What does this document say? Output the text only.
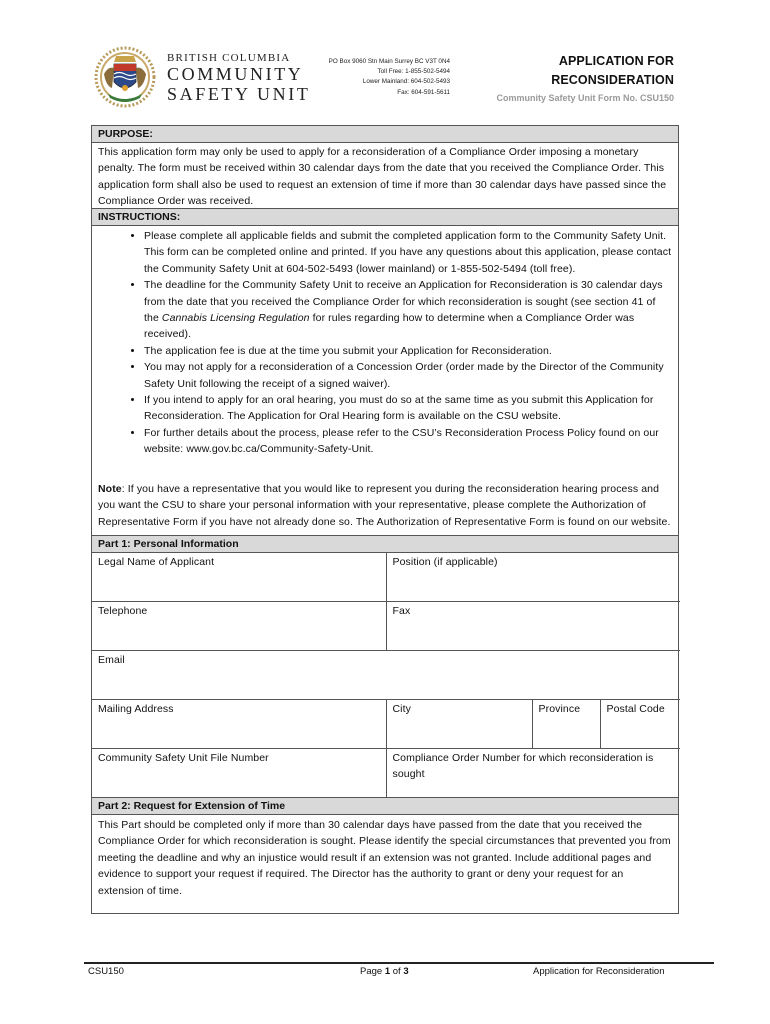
BRITISH COLUMBIA
COMMUNITY
SAFETY UNIT
PO Box 9060 Stn Main Surrey BC V3T 0N4
Toll Free: 1-855-502-5494
Lower Mainland: 604-502-5493
Fax: 604-591-5611
APPLICATION FOR
RECONSIDERATION
Community Safety Unit Form No. CSU150
PURPOSE:
This application form may only be used to apply for a reconsideration of a Compliance Order imposing a monetary penalty. The form must be received within 30 calendar days from the date that you received the Compliance Order. This application form shall also be used to request an extension of time if more than 30 calendar days have passed since the Compliance Order was received.
INSTRUCTIONS:
• Please complete all applicable fields and submit the completed application form to the Community Safety Unit. This form can be completed online and printed. If you have any questions about this application, please contact the Community Safety Unit at 604-502-5493 (lower mainland) or 1-855-502-5494 (toll free).
• The deadline for the Community Safety Unit to receive an Application for Reconsideration is 30 calendar days from the date that you received the Compliance Order for which reconsideration is sought (see section 41 of the Cannabis Licensing Regulation for rules regarding how to determine when a Compliance Order was received).
• The application fee is due at the time you submit your Application for Reconsideration.
• You may not apply for a reconsideration of a Concession Order (order made by the Director of the Community Safety Unit following the receipt of a signed waiver).
• If you intend to apply for an oral hearing, you must do so at the same time as you submit this Application for Reconsideration. The Application for Oral Hearing form is available on the CSU website.
• For further details about the process, please refer to the CSU’s Reconsideration Process Policy found on our website: www.gov.bc.ca/Community-Safety-Unit.
Note: If you have a representative that you would like to represent you during the reconsideration hearing process and you want the CSU to share your personal information with your representative, please complete the Authorization of Representative Form if you have not already done so. The Authorization of Representative Form is found on our website.
Part 1: Personal Information
Legal Name of Applicant	Position (if applicable)		
Telephone	Fax		
Email			
Mailing Address	City	Province	Postal Code
Community Safety Unit File Number	Compliance Order Number for which reconsideration is sought		
Part 2: Request for Extension of Time
This Part should be completed only if more than 30 calendar days have passed from the date that you received the Compliance Order for which reconsideration is sought. Please identify the special circumstances that prevented you from meeting the deadline and why an injustice would result if an extension was not granted. Include additional pages and evidence to support your request if required. The Director has the authority to grant or deny your request for an extension of time.
CSU150	Page 1 of 3	Application for Reconsideration
